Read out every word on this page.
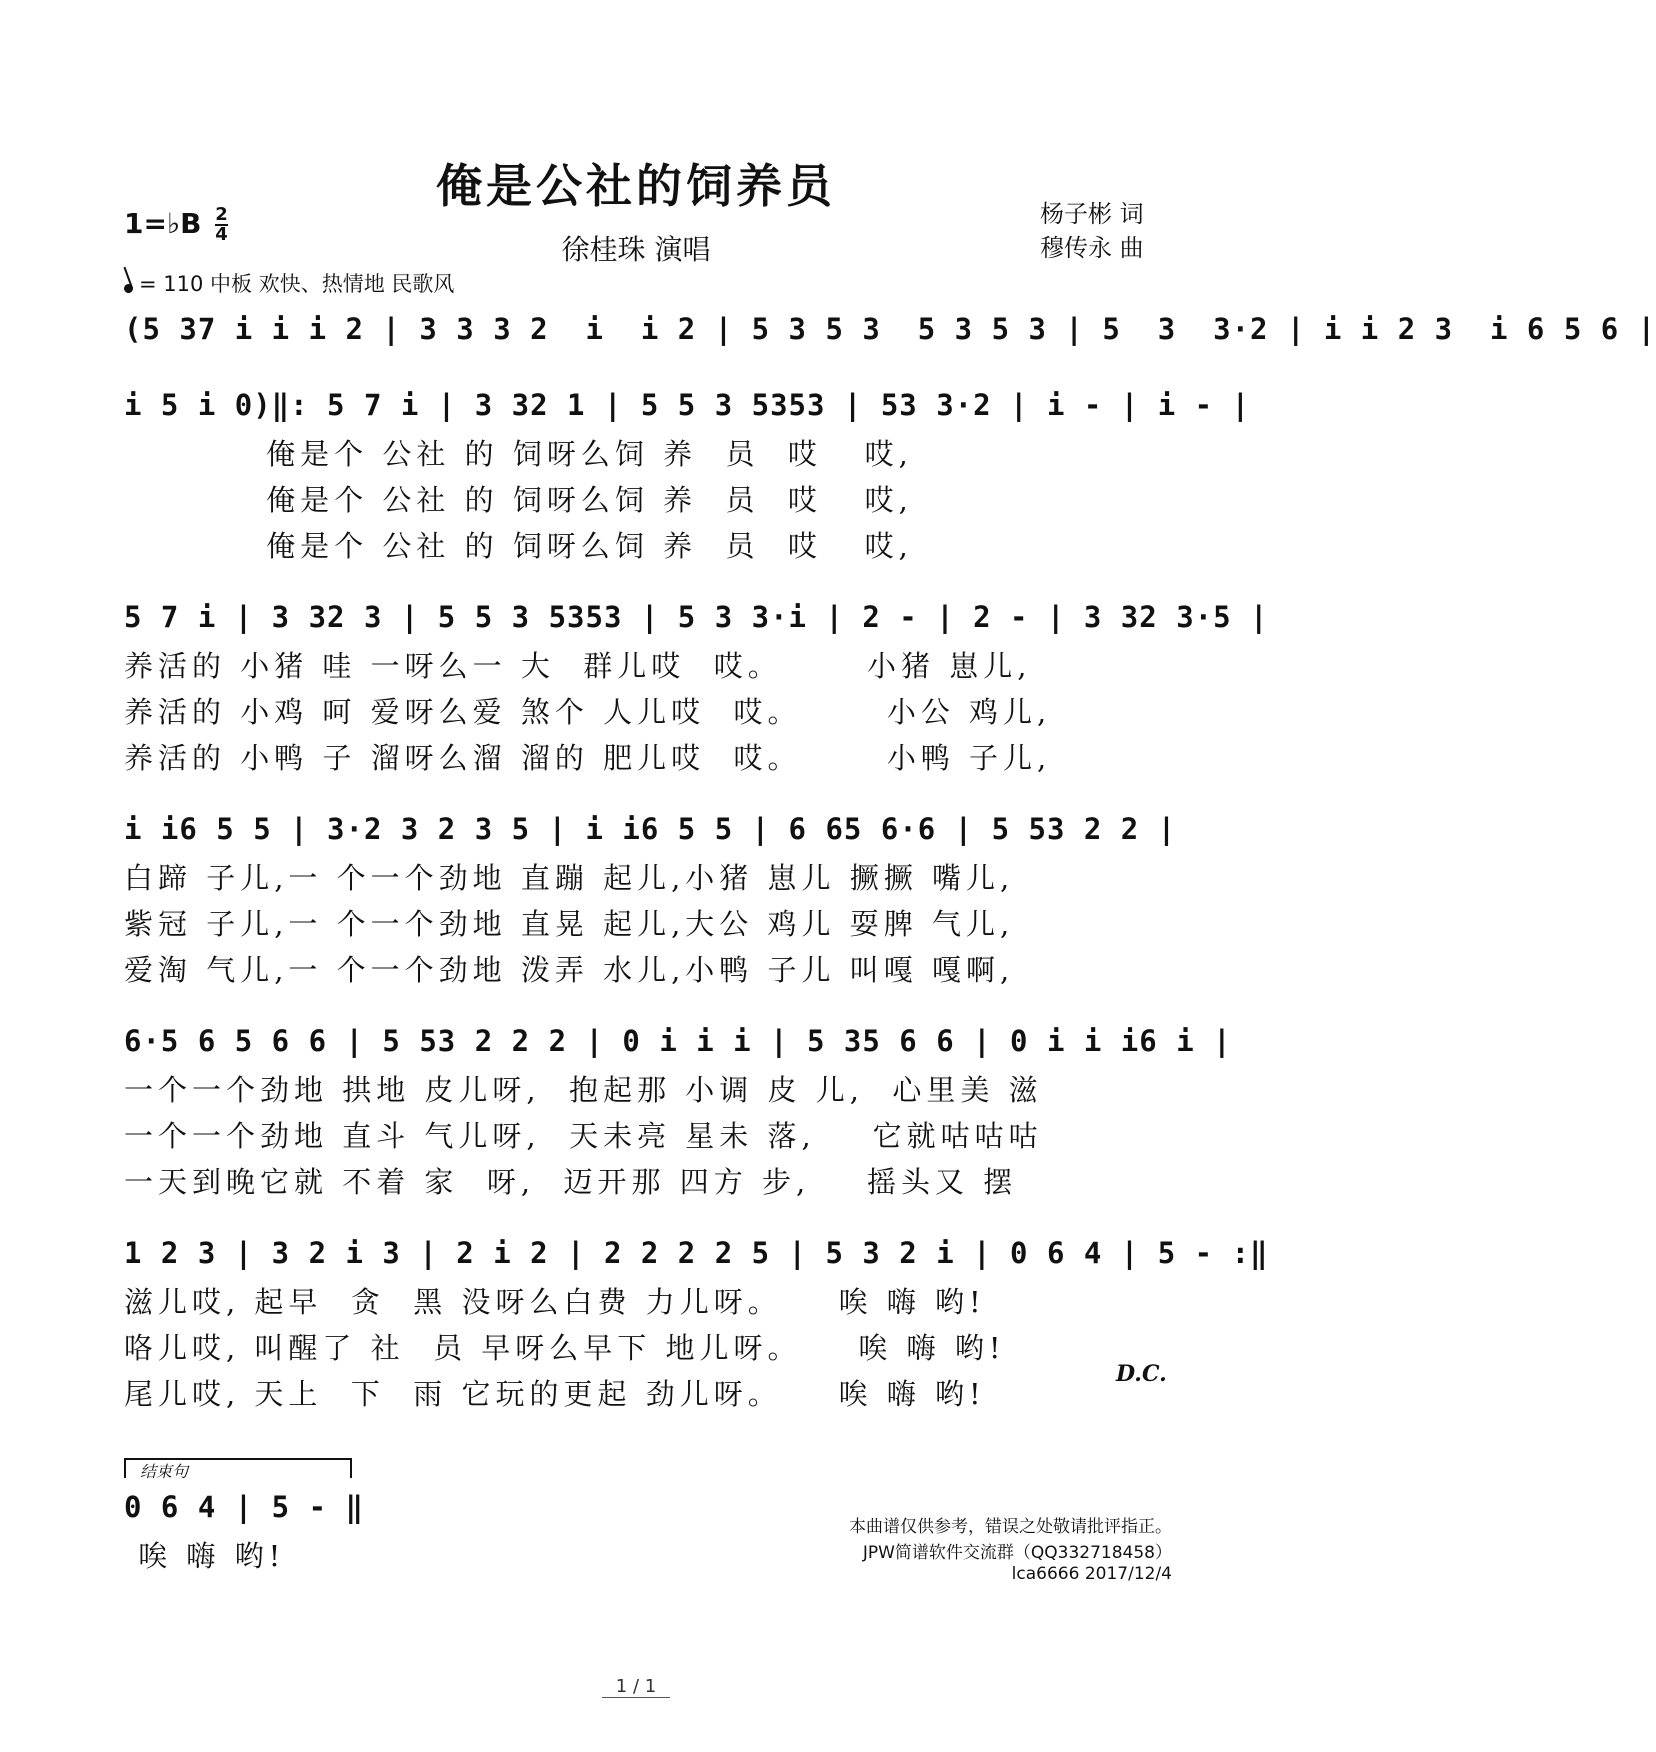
俺是公社的饲养员
徐桂珠 演唱
1=♭B $\frac{2}{4}$
= 110 中板 欢快、热情地 民歌风
杨子彬 词
穆传永 曲
(5 37 i i i 2 | 3 3 3 2  i  i 2 | 5 3 5 3  5 3 5 3 | 5  3  3·2 | i i 2 3  i 6 5 6 |
i 5 i 0)‖: 5 7 i | 3 32 1 | 5 5 3 5353 | 53 3·2 | i - | i - |
俺是个 公社 的 饲呀么饲 养  员  哎   哎,
俺是个 公社 的 饲呀么饲 养  员  哎   哎,
俺是个 公社 的 饲呀么饲 养  员  哎   哎,
5 7 i | 3 32 3 | 5 5 3 5353 | 5 3 3·i | 2 - | 2 - | 3 32 3·5 |
养活的 小猪 哇 一呀么一 大  群儿哎  哎。      小猪 崽儿,
养活的 小鸡 呵 爱呀么爱 煞个 人儿哎  哎。      小公 鸡儿,
养活的 小鸭 子 溜呀么溜 溜的 肥儿哎  哎。      小鸭 子儿,
i i6 5 5 | 3·2 3 2 3 5 | i i6 5 5 | 6 65 6·6 | 5 53 2 2 |
白蹄 子儿,一 个一个劲地 直蹦 起儿,小猪 崽儿 撅撅 嘴儿,
紫冠 子儿,一 个一个劲地 直晃 起儿,大公 鸡儿 耍脾 气儿,
爱淘 气儿,一 个一个劲地 泼弄 水儿,小鸭 子儿 叫嘎 嘎啊,
6·5 6 5 6 6 | 5 53 2 2 2 | 0 i i i | 5 35 6 6 | 0 i i i6 i |
一个一个劲地 拱地 皮儿呀,  抱起那 小调 皮 儿,  心里美 滋
一个一个劲地 直斗 气儿呀,  天未亮 星未 落,    它就咕咕咕
一天到晚它就 不着 家  呀,  迈开那 四方 步,    摇头又 摆
1 2 3 | 3 2 i 3 | 2 i 2 | 2 2 2 2 5 | 5 3 2 i | 0 6 4 | 5 - :‖
滋儿哎, 起早  贪  黑 没呀么白费 力儿呀。    唉 嗨 哟!
咯儿哎, 叫醒了 社  员 早呀么早下 地儿呀。    唉 嗨 哟!
尾儿哎, 天上  下  雨 它玩的更起 劲儿呀。    唉 嗨 哟!
D.C.
结束句
0 6 4 | 5 - ‖
唉 嗨 哟!
本曲谱仅供参考，错误之处敬请批评指正。
JPW简谱软件交流群（QQ332718458）
lca6666 2017/12/4
1 / 1
